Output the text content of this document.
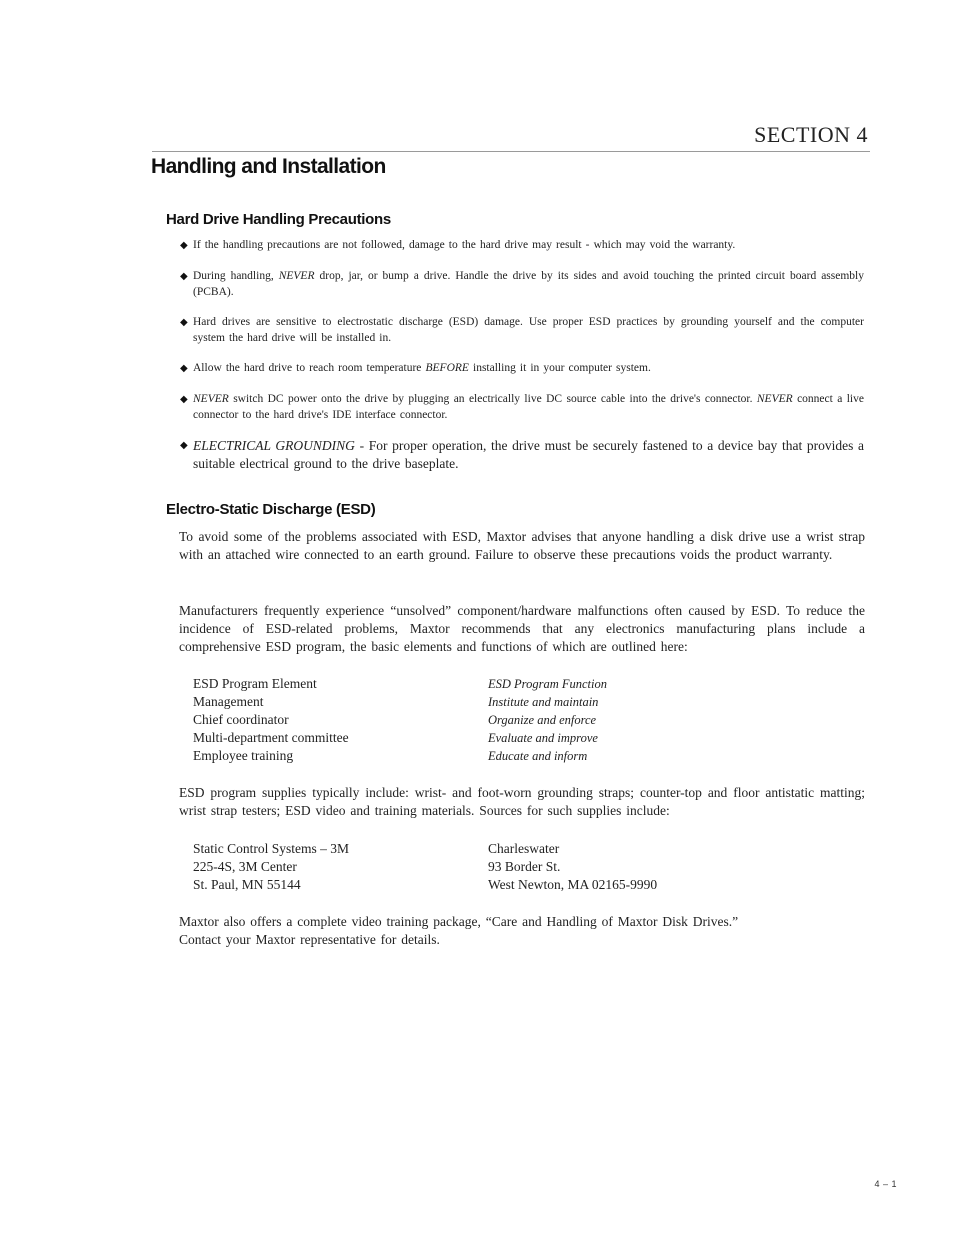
SECTION 4
Handling and Installation
Hard Drive Handling Precautions
◆ If the handling precautions are not followed, damage to the hard drive may result - which may void the warranty.
◆ During handling, NEVER drop, jar, or bump a drive. Handle the drive by its sides and avoid touching the printed circuit board assembly (PCBA).
◆ Hard drives are sensitive to electrostatic discharge (ESD) damage. Use proper ESD practices by grounding yourself and the computer system the hard drive will be installed in.
◆ Allow the hard drive to reach room temperature BEFORE installing it in your computer system.
◆ NEVER switch DC power onto the drive by plugging an electrically live DC source cable into the drive's connector. NEVER connect a live connector to the hard drive's IDE interface connector.
◆ ELECTRICAL GROUNDING - For proper operation, the drive must be securely fastened to a device bay that provides a suitable electrical ground to the drive baseplate.
Electro-Static Discharge (ESD)

To avoid some of the problems associated with ESD, Maxtor advises that anyone handling a disk drive use a wrist strap with an attached wire connected to an earth ground. Failure to observe these precautions voids the product warranty.

Manufacturers frequently experience “unsolved” component/hardware malfunctions often caused by ESD. To reduce the incidence of ESD-related problems, Maxtor recommends that any electronics manufacturing plans include a comprehensive ESD program, the basic elements and functions of which are outlined here:

ESD Program Element	ESD Program Function
Management	Institute and maintain
Chief coordinator	Organize and enforce
Multi-department committee	Evaluate and improve
Employee training	Educate and inform

ESD program supplies typically include: wrist- and foot-worn grounding straps; counter-top and floor antistatic matting; wrist strap testers; ESD video and training materials. Sources for such supplies include:

Static Control Systems – 3M	Charleswater
225-4S, 3M Center	93 Border St.
St. Paul, MN 55144	West Newton, MA 02165-9990

Maxtor also offers a complete video training package, “Care and Handling of Maxtor Disk Drives.”
Contact your Maxtor representative for details.

4 – 1
